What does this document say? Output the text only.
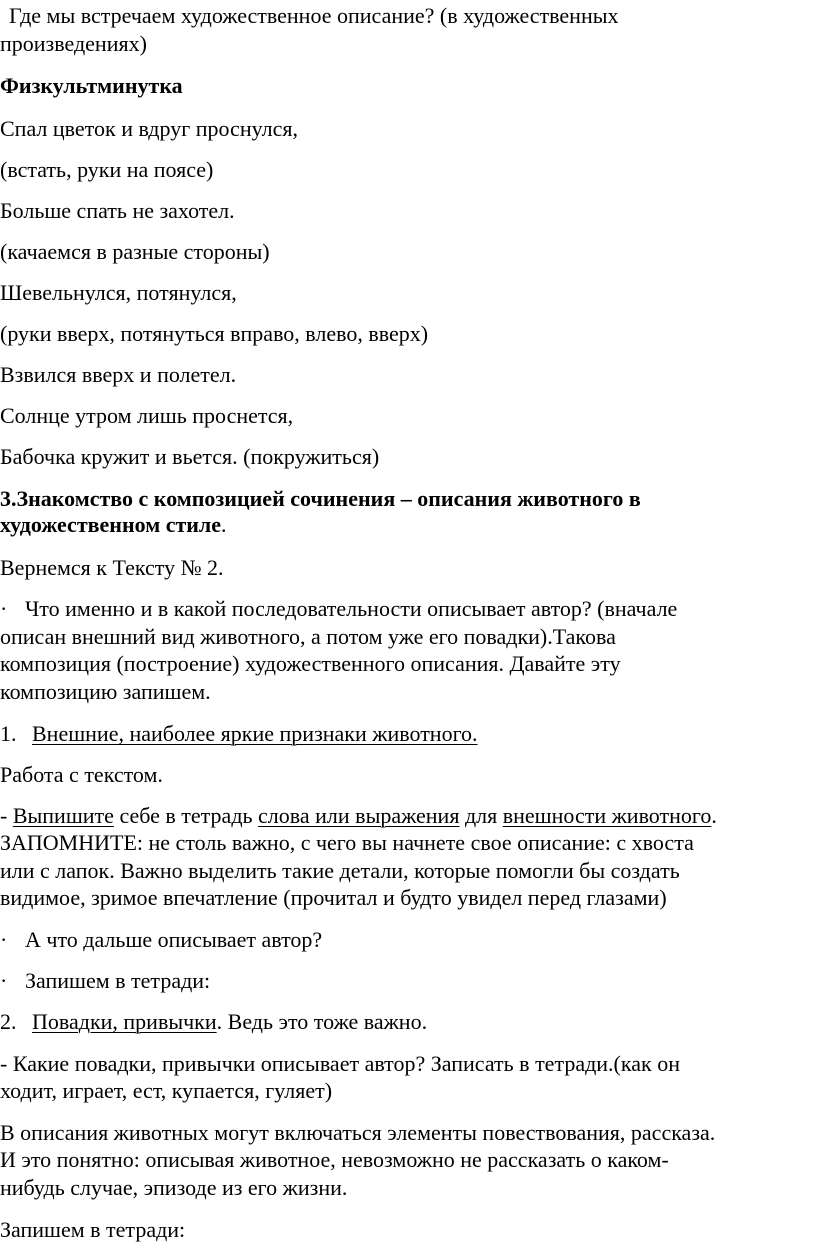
Где мы встречаем художественное описание? (в художественных

произведениях)

Физкультминутка

Спал цветок и вдруг проснулся,

(встать, руки на поясе)

Больше спать не захотел.

(качаемся в разные стороны)

Шевельнулся, потянулся,

(руки вверх, потянуться вправо, влево, вверх)

Взвился вверх и полетел.

Солнце утром лишь проснется,

Бабочка кружит и вьется. (покружиться)

3.Знакомство с композицией сочинения – описания животного в

художественном стиле.

Вернемся к Тексту № 2.

· Что именно и в какой последовательности описывает автор? (вначале

описан внешний вид животного, а потом уже его повадки).Такова

композиция (построение) художественного описания. Давайте эту

композицию запишем.

1. Внешние, наиболее яркие признаки животного.

Работа с текстом.

- Выпишите себе в тетрадь слова или выражения для внешности животного.

ЗАПОМНИТЕ: не столь важно, с чего вы начнете свое описание: с хвоста

или с лапок. Важно выделить такие детали, которые помогли бы создать

видимое, зримое впечатление (прочитал и будто увидел перед глазами)

· А что дальше описывает автор?

· Запишем в тетради:

2. Повадки, привычки. Ведь это тоже важно.

- Какие повадки, привычки описывает автор? Записать в тетради.(как он

ходит, играет, ест, купается, гуляет)

В описания животных могут включаться элементы повествования, рассказа.

И это понятно: описывая животное, невозможно не рассказать о каком-

нибудь случае, эпизоде из его жизни.

Запишем в тетради:
